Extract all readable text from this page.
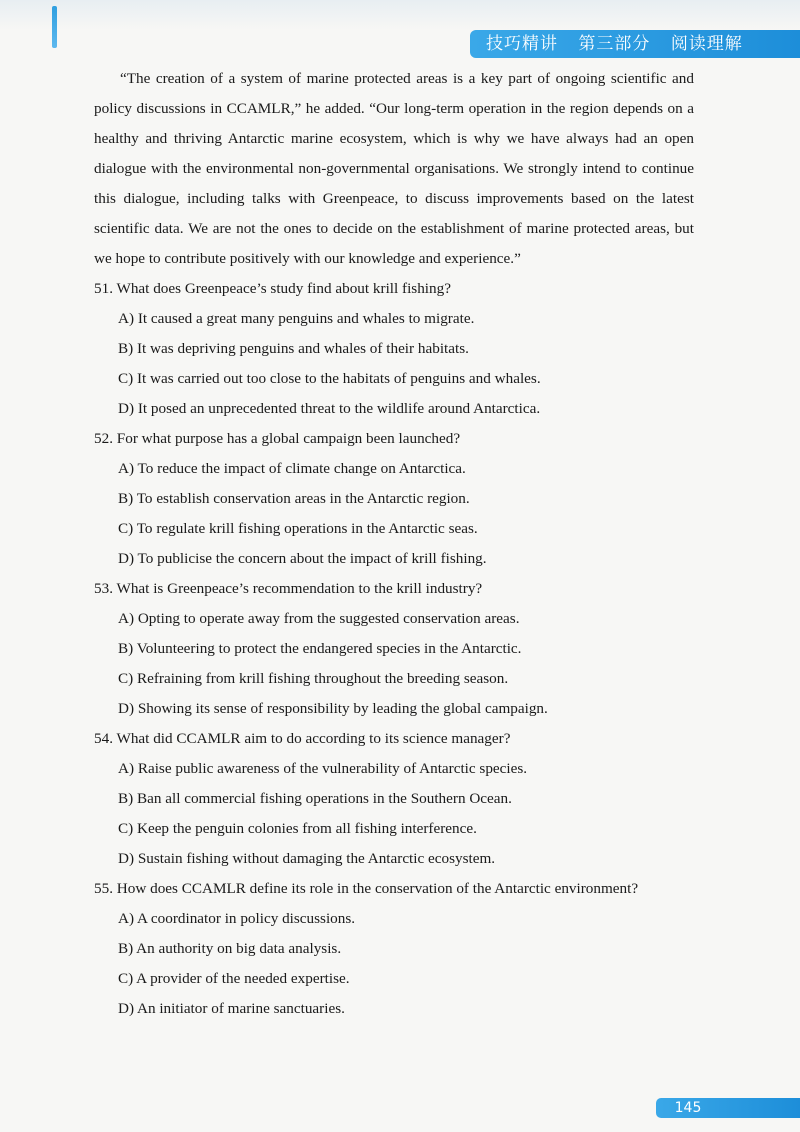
技巧精讲 第三部分 阅读理解

“The creation of a system of marine protected areas is a key part of ongoing scientific and policy discussions in CCAMLR,” he added. “Our long-term operation in the region depends on a healthy and thriving Antarctic marine ecosystem, which is why we have always had an open dialogue with the environmental non-governmental organisations. We strongly intend to continue this dialogue, including talks with Greenpeace, to discuss improvements based on the latest scientific data. We are not the ones to decide on the establishment of marine protected areas, but we hope to contribute positively with our knowledge and experience.”

51. What does Greenpeace’s study find about krill fishing?

A) It caused a great many penguins and whales to migrate.

B) It was depriving penguins and whales of their habitats.

C) It was carried out too close to the habitats of penguins and whales.

D) It posed an unprecedented threat to the wildlife around Antarctica.

52. For what purpose has a global campaign been launched?

A) To reduce the impact of climate change on Antarctica.

B) To establish conservation areas in the Antarctic region.

C) To regulate krill fishing operations in the Antarctic seas.

D) To publicise the concern about the impact of krill fishing.

53. What is Greenpeace’s recommendation to the krill industry?

A) Opting to operate away from the suggested conservation areas.

B) Volunteering to protect the endangered species in the Antarctic.

C) Refraining from krill fishing throughout the breeding season.

D) Showing its sense of responsibility by leading the global campaign.

54. What did CCAMLR aim to do according to its science manager?

A) Raise public awareness of the vulnerability of Antarctic species.

B) Ban all commercial fishing operations in the Southern Ocean.

C) Keep the penguin colonies from all fishing interference.

D) Sustain fishing without damaging the Antarctic ecosystem.

55. How does CCAMLR define its role in the conservation of the Antarctic environment?

A) A coordinator in policy discussions.

B) An authority on big data analysis.

C) A provider of the needed expertise.

D) An initiator of marine sanctuaries.

145
